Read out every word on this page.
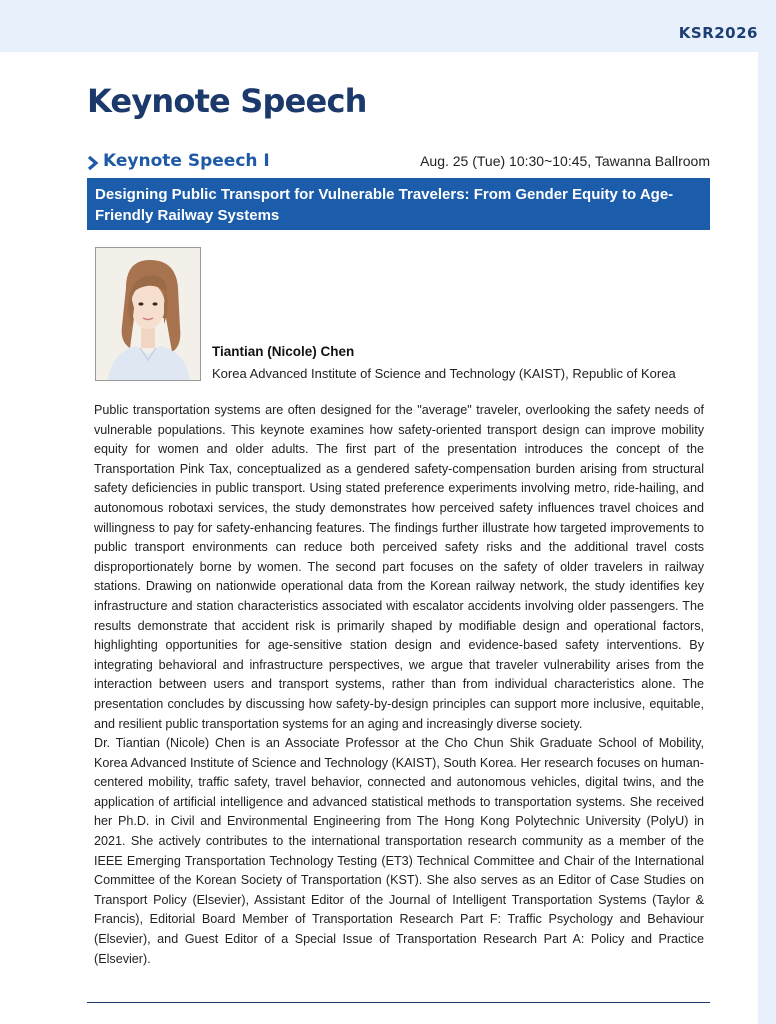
KSR2026
Keynote Speech
Keynote Speech I	Aug. 25 (Tue) 10:30~10:45, Tawanna Ballroom
Designing Public Transport for Vulnerable Travelers: From Gender Equity to Age-Friendly Railway Systems
Tiantian (Nicole) Chen
Korea Advanced Institute of Science and Technology (KAIST), Republic of Korea

Public transportation systems are often designed for the "average" traveler, overlooking the safety needs of vulnerable populations. This keynote examines how safety-oriented transport design can improve mobility equity for women and older adults. The first part of the presentation introduces the concept of the Transportation Pink Tax, conceptualized as a gendered safety-compensation burden arising from structural safety deficiencies in public transport. Using stated preference experiments involving metro, ride-hailing, and autonomous robotaxi services, the study demonstrates how perceived safety influences travel choices and willingness to pay for safety-enhancing features. The findings further illustrate how targeted improvements to public transport environments can reduce both perceived safety risks and the additional travel costs disproportionately borne by women. The second part focuses on the safety of older travelers in railway stations. Drawing on nationwide operational data from the Korean railway network, the study identifies key infrastructure and station characteristics associated with escalator accidents involving older passengers. The results demonstrate that accident risk is primarily shaped by modifiable design and operational factors, highlighting opportunities for age-sensitive station design and evidence-based safety interventions. By integrating behavioral and infrastructure perspectives, we argue that traveler vulnerability arises from the interaction between users and transport systems, rather than from individual characteristics alone. The presentation concludes by discussing how safety-by-design principles can support more inclusive, equitable, and resilient public transportation systems for an aging and increasingly diverse society.

Dr. Tiantian (Nicole) Chen is an Associate Professor at the Cho Chun Shik Graduate School of Mobility, Korea Advanced Institute of Science and Technology (KAIST), South Korea. Her research focuses on human-centered mobility, traffic safety, travel behavior, connected and autonomous vehicles, digital twins, and the application of artificial intelligence and advanced statistical methods to transportation systems. She received her Ph.D. in Civil and Environmental Engineering from The Hong Kong Polytechnic University (PolyU) in 2021. She actively contributes to the international transportation research community as a member of the IEEE Emerging Transportation Technology Testing (ET3) Technical Committee and Chair of the International Committee of the Korean Society of Transportation (KST). She also serves as an Editor of Case Studies on Transport Policy (Elsevier), Assistant Editor of the Journal of Intelligent Transportation Systems (Taylor & Francis), Editorial Board Member of Transportation Research Part F: Traffic Psychology and Behaviour (Elsevier), and Guest Editor of a Special Issue of Transportation Research Part A: Policy and Practice (Elsevier).
